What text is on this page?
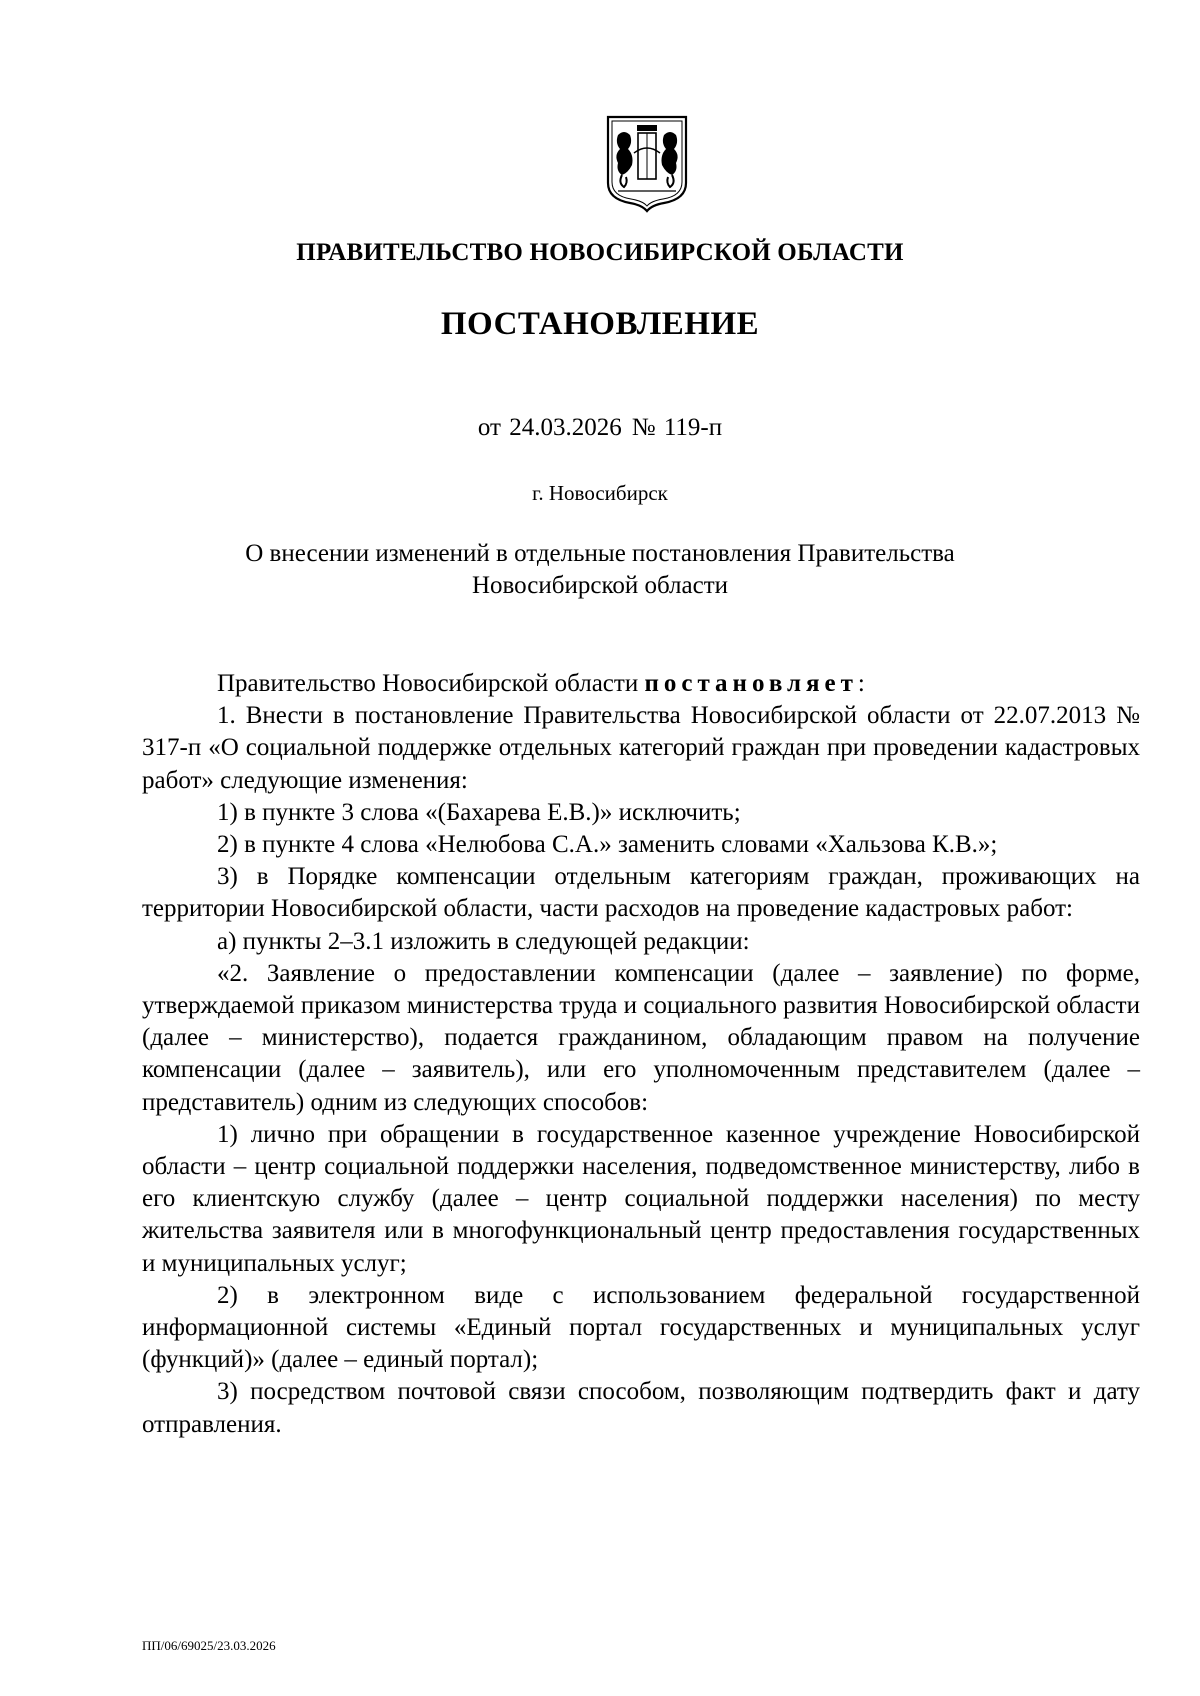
ПРАВИТЕЛЬСТВО НОВОСИБИРСКОЙ ОБЛАСТИ
ПОСТАНОВЛЕНИЕ
от 24.03.2026 № 119-п
г. Новосибирск
О внесении изменений в отдельные постановления Правительства
Новосибирской области

Правительство Новосибирской области постановляет:

1. Внести в постановление Правительства Новосибирской области от 22.07.2013 № 317-п «О социальной поддержке отдельных категорий граждан при проведении кадастровых работ» следующие изменения:

1) в пункте 3 слова «(Бахарева Е.В.)» исключить;

2) в пункте 4 слова «Нелюбова С.А.» заменить словами «Хальзова К.В.»;

3) в Порядке компенсации отдельным категориям граждан, проживающих на территории Новосибирской области, части расходов на проведение кадастровых работ:

а) пункты 2–3.1 изложить в следующей редакции:

«2. Заявление о предоставлении компенсации (далее – заявление) по форме, утверждаемой приказом министерства труда и социального развития Новосибирской области (далее – министерство), подается гражданином, обладающим правом на получение компенсации (далее – заявитель), или его уполномоченным представителем (далее – представитель) одним из следующих способов:

1) лично при обращении в государственное казенное учреждение Новосибирской области – центр социальной поддержки населения, подведомственное министерству, либо в его клиентскую службу (далее – центр социальной поддержки населения) по месту жительства заявителя или в многофункциональный центр предоставления государственных и муниципальных услуг;

2) в электронном виде с использованием федеральной государственной информационной системы «Единый портал государственных и муниципальных услуг (функций)» (далее – единый портал);

3) посредством почтовой связи способом, позволяющим подтвердить факт и дату отправления.

ПП/06/69025/23.03.2026
